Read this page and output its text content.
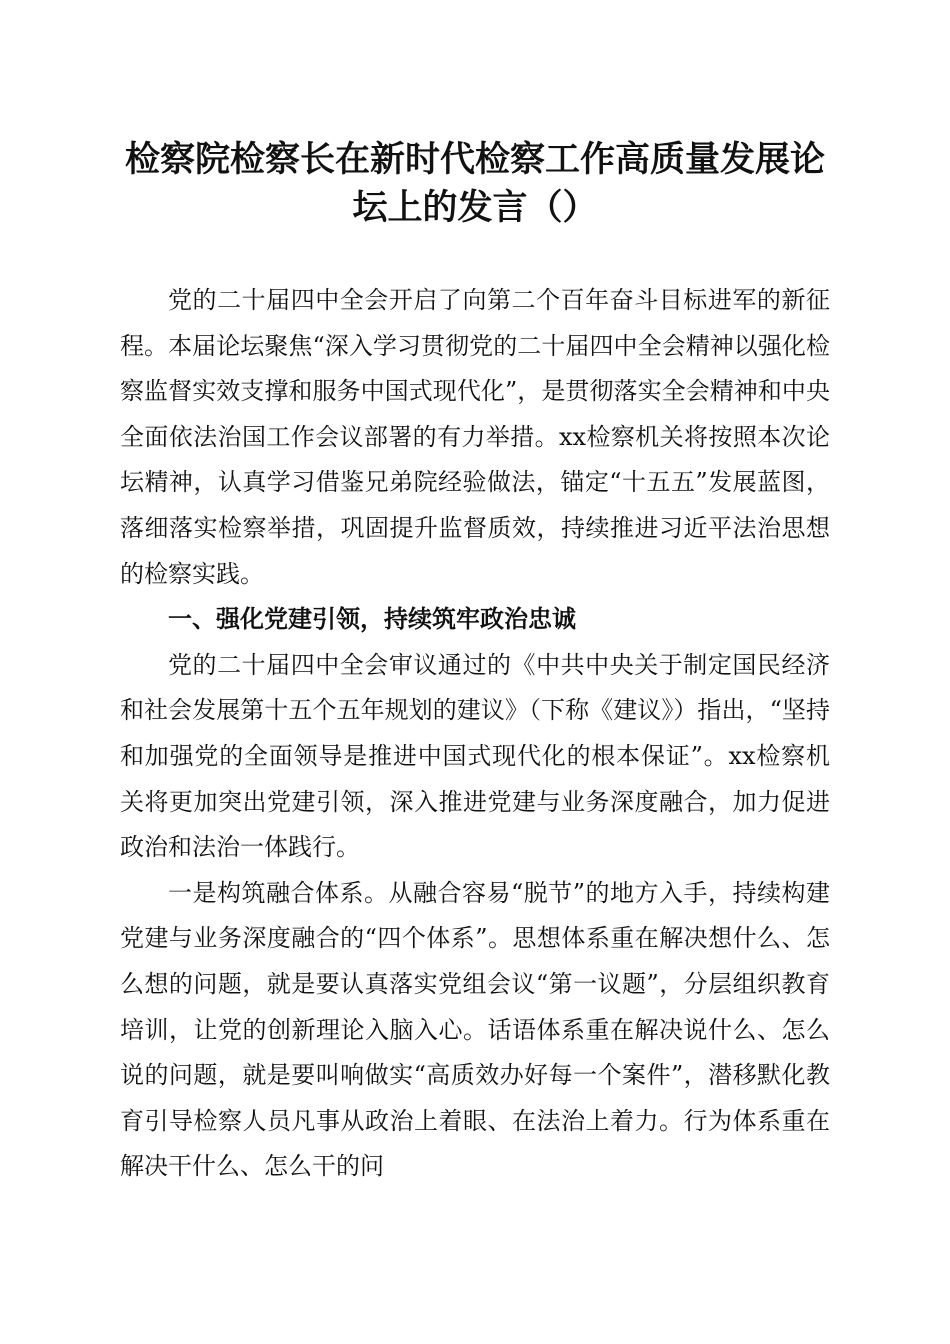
检察院检察长在新时代检察工作高质量发展论
坛上的发言（）

党的二十届四中全会开启了向第二个百年奋斗目标进军的新征程。本届论坛聚焦“深入学习贯彻党的二十届四中全会精神以强化检察监督实效支撑和服务中国式现代化”，是贯彻落实全会精神和中央全面依法治国工作会议部署的有力举措。xx检察机关将按照本次论坛精神，认真学习借鉴兄弟院经验做法，锚定“十五五”发展蓝图，落细落实检察举措，巩固提升监督质效，持续推进习近平法治思想的检察实践。

一、强化党建引领，持续筑牢政治忠诚

党的二十届四中全会审议通过的《中共中央关于制定国民经济和社会发展第十五个五年规划的建议》（下称《建议》）指出，“坚持和加强党的全面领导是推进中国式现代化的根本保证”。xx检察机关将更加突出党建引领，深入推进党建与业务深度融合，加力促进政治和法治一体践行。

一是构筑融合体系。从融合容易“脱节”的地方入手，持续构建党建与业务深度融合的“四个体系”。思想体系重在解决想什么、怎么想的问题，就是要认真落实党组会议“第一议题”，分层组织教育培训，让党的创新理论入脑入心。话语体系重在解决说什么、怎么说的问题，就是要叫响做实“高质效办好每一个案件”，潜移默化教育引导检察人员凡事从政治上着眼、在法治上着力。行为体系重在解决干什么、怎么干的问
